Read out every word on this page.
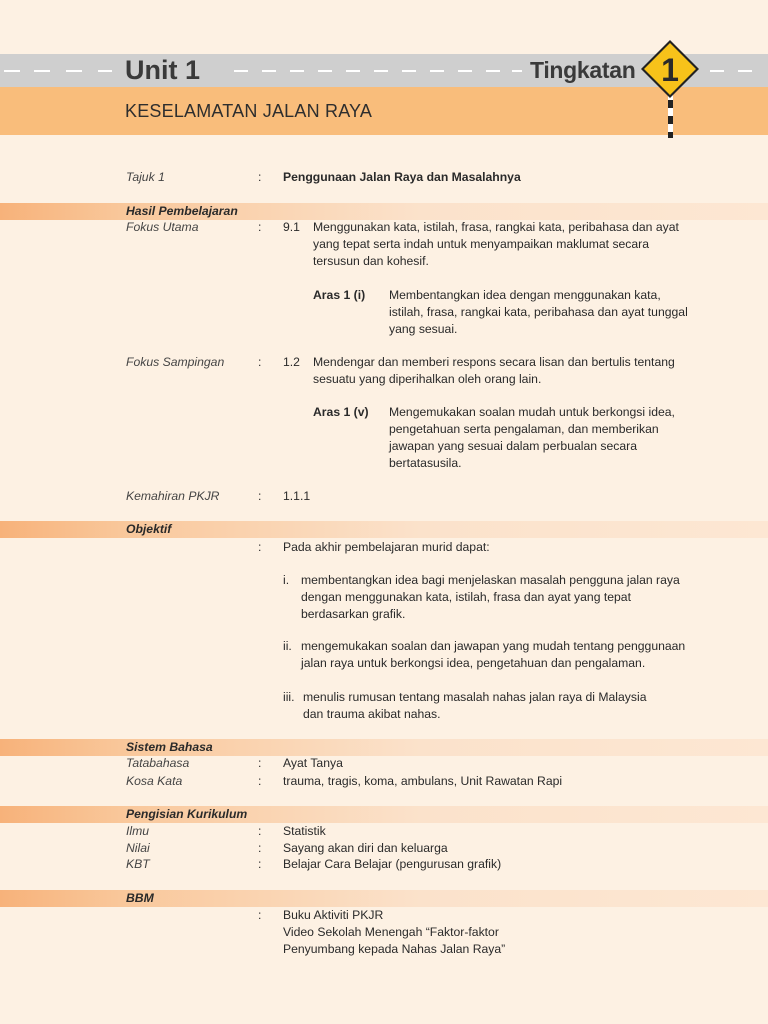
Unit 1	Tingkatan
KESELAMATAN JALAN RAYA
1
Tajuk 1	: Penggunaan Jalan Raya dan Masalahnya
Hasil Pembelajaran
Fokus Utama	: 9.1 Menggunakan kata, istilah, frasa, rangkai kata, peribahasa dan ayat
yang tepat serta indah untuk menyampaikan maklumat secara
tersusun dan kohesif.
Aras 1 (i) Membentangkan idea dengan menggunakan kata,
istilah, frasa, rangkai kata, peribahasa dan ayat tunggal
yang sesuai.
Fokus Sampingan	: 1.2 Mendengar dan memberi respons secara lisan dan bertulis tentang
sesuatu yang diperihalkan oleh orang lain.
Aras 1 (v) Mengemukakan soalan mudah untuk berkongsi idea,
pengetahuan serta pengalaman, dan memberikan
jawapan yang sesuai dalam perbualan secara
bertatasusila.
Kemahiran PKJR	: 1.1.1
Objektif
: Pada akhir pembelajaran murid dapat:
i. membentangkan idea bagi menjelaskan masalah pengguna jalan raya
dengan menggunakan kata, istilah, frasa dan ayat yang tepat
berdasarkan grafik.
ii. mengemukakan soalan dan jawapan yang mudah tentang penggunaan
jalan raya untuk berkongsi idea, pengetahuan dan pengalaman.
iii. menulis rumusan tentang masalah nahas jalan raya di Malaysia
dan trauma akibat nahas.
Sistem Bahasa
Tatabahasa	: Ayat Tanya
Kosa Kata	: trauma, tragis, koma, ambulans, Unit Rawatan Rapi
Pengisian Kurikulum
Ilmu	: Statistik
Nilai	: Sayang akan diri dan keluarga
KBT	: Belajar Cara Belajar (pengurusan grafik)
BBM
: Buku Aktiviti PKJR
Video Sekolah Menengah “Faktor-faktor
Penyumbang kepada Nahas Jalan Raya”
